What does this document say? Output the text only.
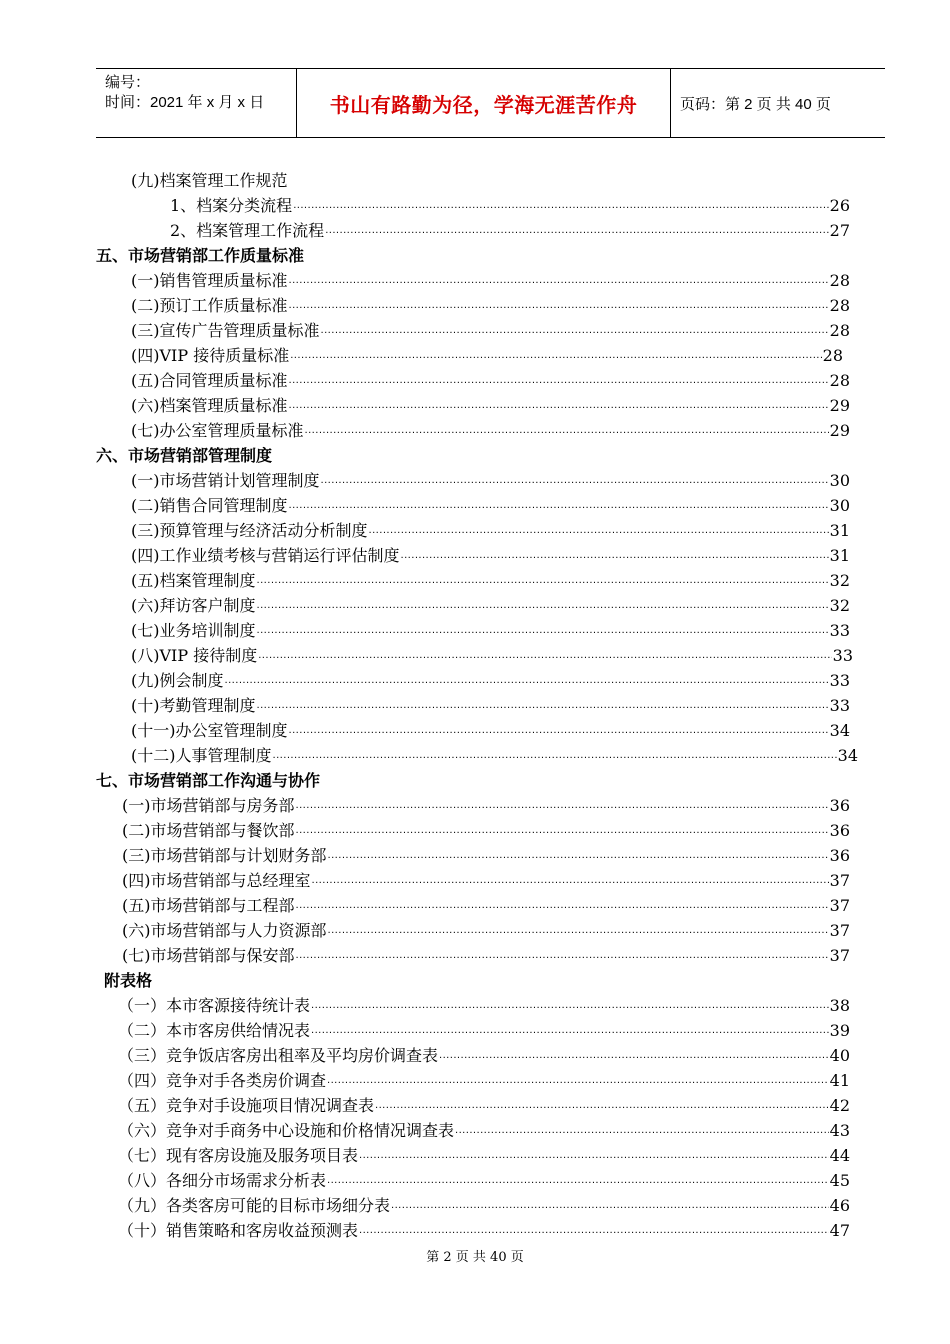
编号：
时间：2021 年 x 月 x 日	书山有路勤为径，学海无涯苦作舟	页码：第 2 页 共 40 页
(九)档案管理工作规范
1、档案分类流程 ·····	26
2、档案管理工作流程 ·····	27
五、市场营销部工作质量标准
(一)销售管理质量标准 ·····	28
(二)预订工作质量标准 ·····	28
(三)宣传广告管理质量标准 ·····	28
(四)VIP 接待质量标准 ·····	28
(五)合同管理质量标准 ·····	28
(六)档案管理质量标准 ·····	29
(七)办公室管理质量标准 ·····	29
六、市场营销部管理制度
(一)市场营销计划管理制度 ·····	30
(二)销售合同管理制度 ·····	30
(三)预算管理与经济活动分析制度 ·····	31
(四)工作业绩考核与营销运行评估制度 ·····	31
(五)档案管理制度 ·····	32
(六)拜访客户制度 ·····	32
(七)业务培训制度 ·····	33
(八)VIP 接待制度 ·····	33
(九)例会制度 ·····	33
(十)考勤管理制度 ·····	33
(十一)办公室管理制度 ·····	34
(十二)人事管理制度 ·····	34
七、市场营销部工作沟通与协作
(一)市场营销部与房务部 ·····	36
(二)市场营销部与餐饮部 ·····	36
(三)市场营销部与计划财务部 ·····	36
(四)市场营销部与总经理室 ·····	37
(五)市场营销部与工程部 ·····	37
(六)市场营销部与人力资源部 ·····	37
(七)市场营销部与保安部 ·····	37
附表格
（一）本市客源接待统计表 ·····	38
（二）本市客房供给情况表 ·····	39
（三）竞争饭店客房出租率及平均房价调查表 ·····	40
（四）竞争对手各类房价调查 ·····	41
（五）竞争对手设施项目情况调查表 ·····	42
（六）竞争对手商务中心设施和价格情况调查表 ·····	43
（七）现有客房设施及服务项目表 ·····	44
（八）各细分市场需求分析表 ·····	45
（九）各类客房可能的目标市场细分表 ·····	46
（十）销售策略和客房收益预测表 ·····	47
第 2 页 共 40 页
